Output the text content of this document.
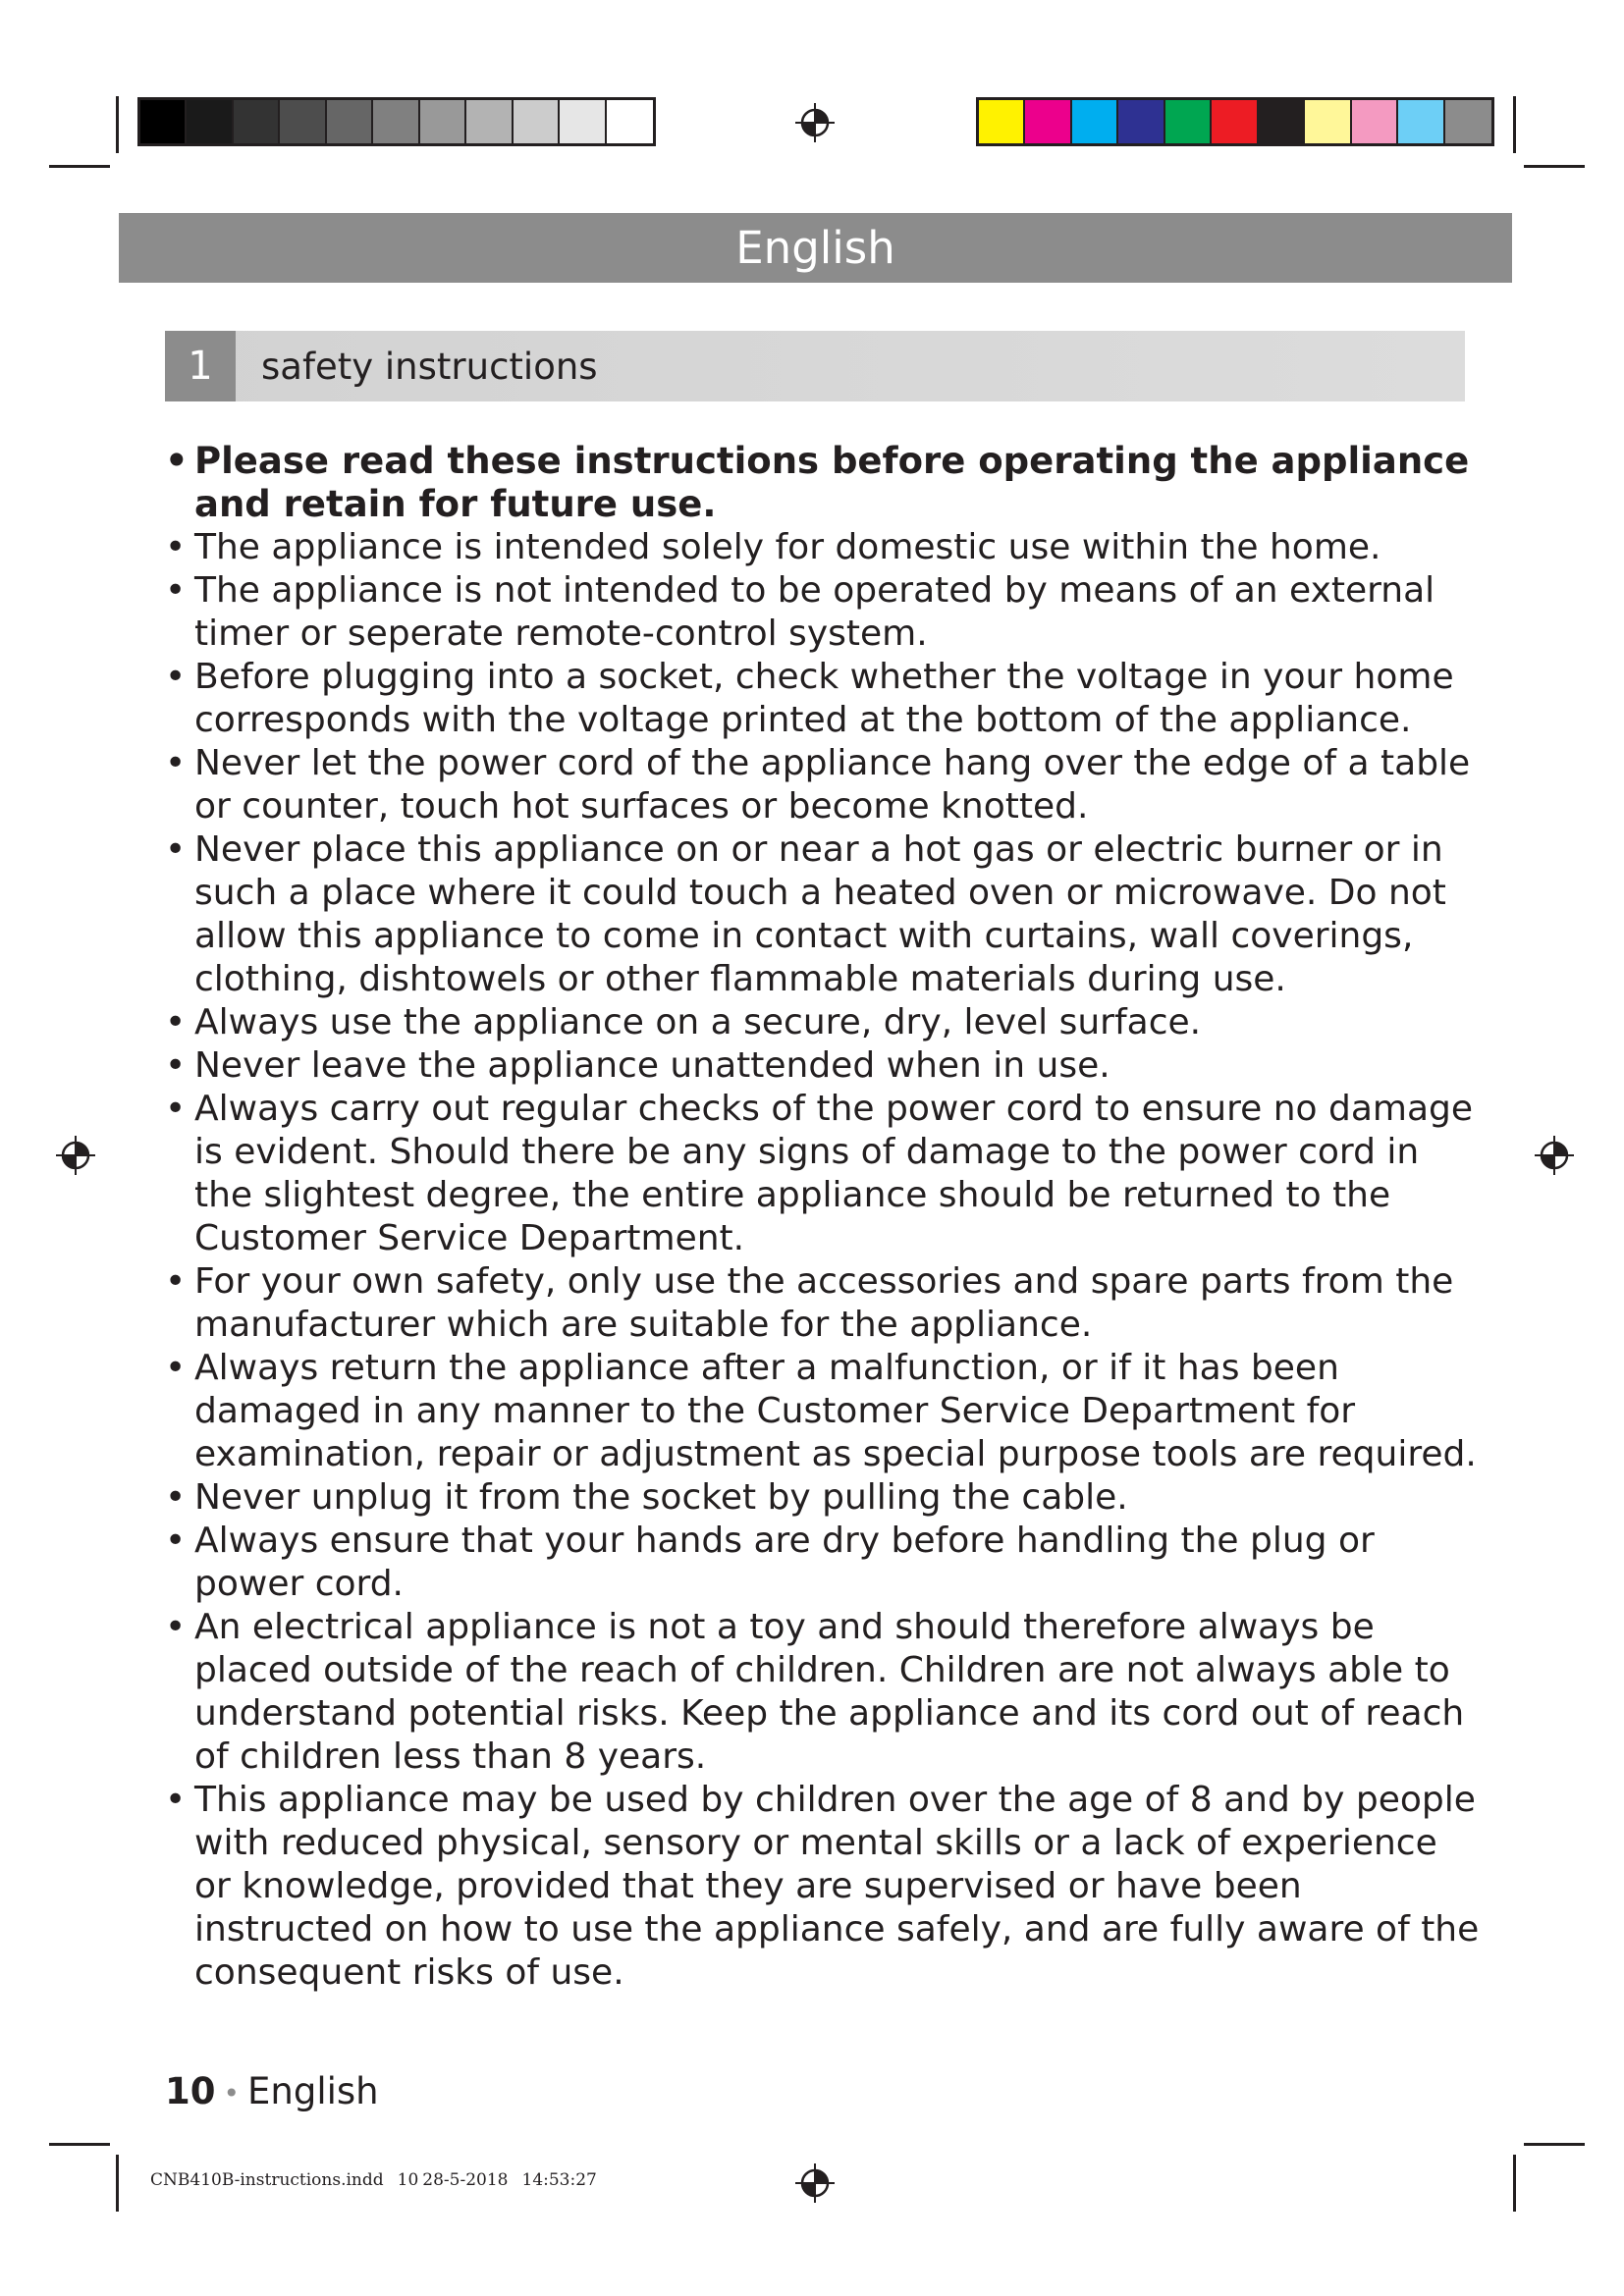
English
1	safety instructions
• Please read these instructions before operating the appliance and retain for future use.
• The appliance is intended solely for domestic use within the home.
• The appliance is not intended to be operated by means of an external timer or seperate remote-control system.
• Before plugging into a socket, check whether the voltage in your home corresponds with the voltage printed at the bottom of the appliance.
• Never let the power cord of the appliance hang over the edge of a table or counter, touch hot surfaces or become knotted.
• Never place this appliance on or near a hot gas or electric burner or in such a place where it could touch a heated oven or microwave. Do not allow this appliance to come in contact with curtains, wall coverings, clothing, dishtowels or other flammable materials during use.
• Always use the appliance on a secure, dry, level surface.
• Never leave the appliance unattended when in use.
• Always carry out regular checks of the power cord to ensure no damage is evident. Should there be any signs of damage to the power cord in the slightest degree, the entire appliance should be returned to the Customer Service Department.
• For your own safety, only use the accessories and spare parts from the manufacturer which are suitable for the appliance.
• Always return the appliance after a malfunction, or if it has been damaged in any manner to the Customer Service Department for examination, repair or adjustment as special purpose tools are required.
• Never unplug it from the socket by pulling the cable.
• Always ensure that your hands are dry before handling the plug or power cord.
• An electrical appliance is not a toy and should therefore always be placed outside of the reach of children. Children are not always able to understand potential risks. Keep the appliance and its cord out of reach of children less than 8 years.
• This appliance may be used by children over the age of 8 and by people with reduced physical, sensory or mental skills or a lack of experience or knowledge, provided that they are supervised or have been instructed on how to use the appliance safely, and are fully aware of the consequent risks of use.
10 • English
CNB410B-instructions.indd 10 28-5-2018 14:53:27
